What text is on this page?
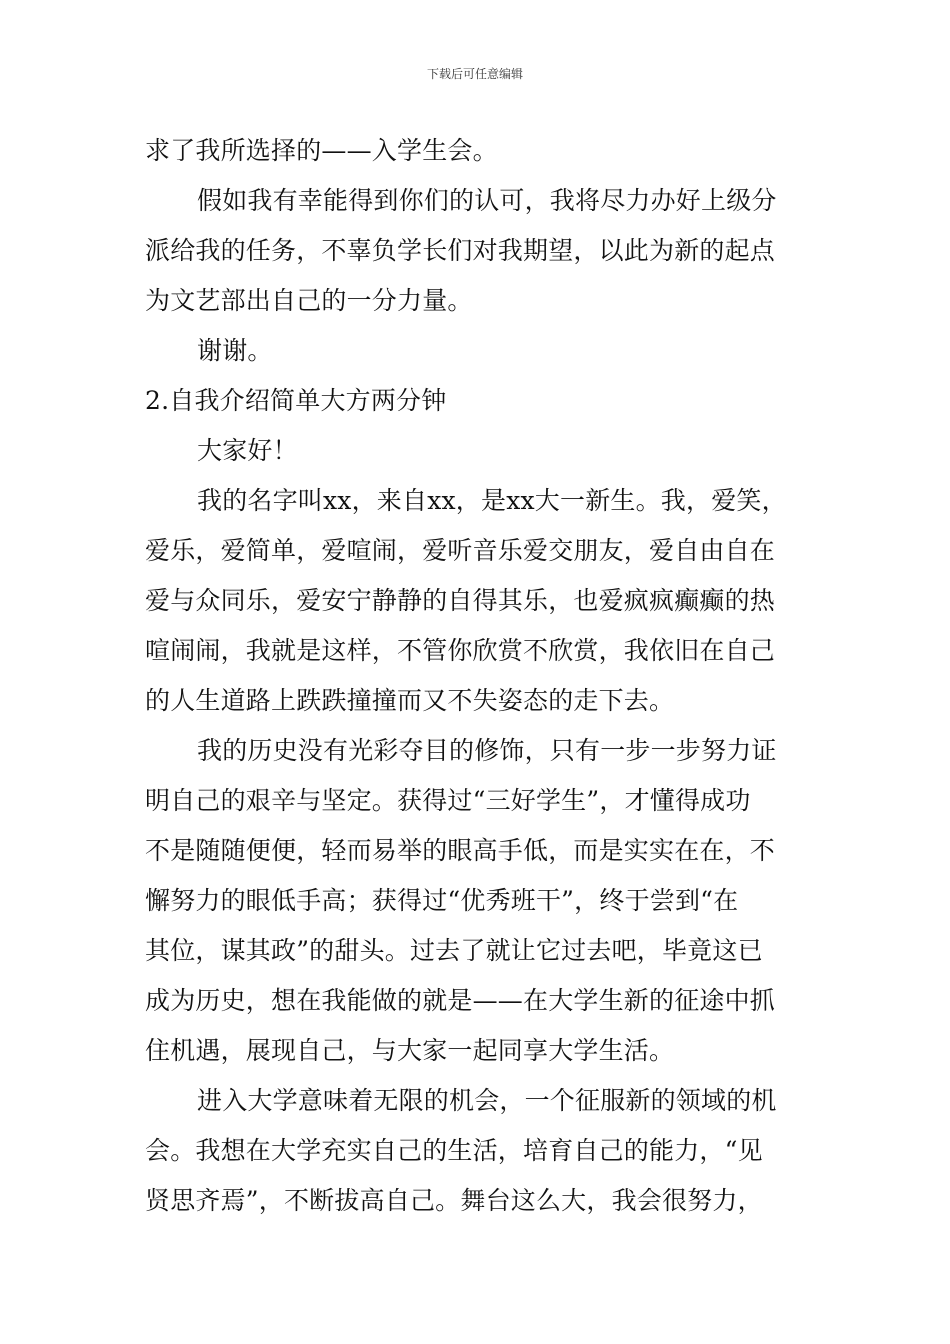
下载后可任意编辑
求了我所选择的——入学生会。
假如我有幸能得到你们的认可，我将尽力办好上级分
派给我的任务，不辜负学长们对我期望，以此为新的起点
为文艺部出自己的一分力量。
谢谢。
2.自我介绍简单大方两分钟
大家好！
我的名字叫xx，来自xx，是xx大一新生。我，爱笑，
爱乐，爱简单，爱喧闹，爱听音乐爱交朋友，爱自由自在
爱与众同乐，爱安宁静静的自得其乐，也爱疯疯癫癫的热
喧闹闹，我就是这样，不管你欣赏不欣赏，我依旧在自己
的人生道路上跌跌撞撞而又不失姿态的走下去。
我的历史没有光彩夺目的修饰，只有一步一步努力证
明自己的艰辛与坚定。获得过“三好学生”，才懂得成功
不是随随便便，轻而易举的眼高手低，而是实实在在，不
懈努力的眼低手高；获得过“优秀班干”，终于尝到“在
其位，谋其政”的甜头。过去了就让它过去吧，毕竟这已
成为历史，想在我能做的就是——在大学生新的征途中抓
住机遇，展现自己，与大家一起同享大学生活。
进入大学意味着无限的机会，一个征服新的领域的机
会。我想在大学充实自己的生活，培育自己的能力，“见
贤思齐焉”，不断拔高自己。舞台这么大，我会很努力，
